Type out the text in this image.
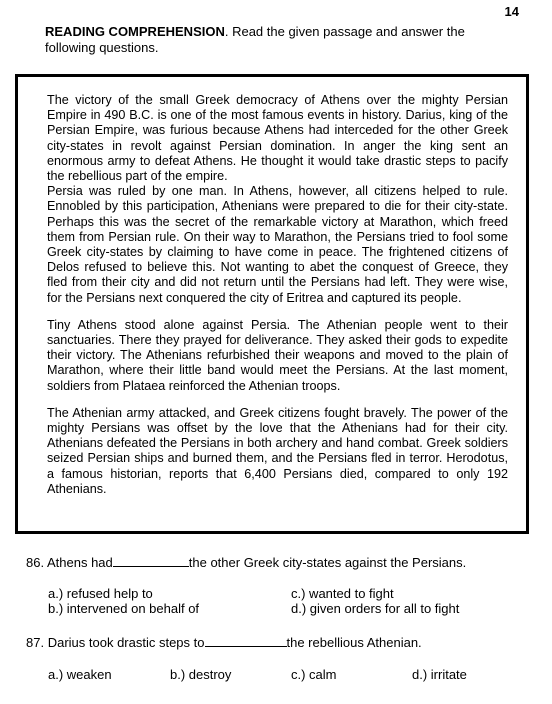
14
READING COMPREHENSION. Read the given passage and answer the following questions.

The victory of the small Greek democracy of Athens over the mighty Persian Empire in 490 B.C. is one of the most famous events in history. Darius, king of the Persian Empire, was furious because Athens had interceded for the other Greek city-states in revolt against Persian domination. In anger the king sent an enormous army to defeat Athens. He thought it would take drastic steps to pacify the rebellious part of the empire.

Persia was ruled by one man. In Athens, however, all citizens helped to rule. Ennobled by this participation, Athenians were prepared to die for their city-state. Perhaps this was the secret of the remarkable victory at Marathon, which freed them from Persian rule. On their way to Marathon, the Persians tried to fool some Greek city-states by claiming to have come in peace. The frightened citizens of Delos refused to believe this. Not wanting to abet the conquest of Greece, they fled from their city and did not return until the Persians had left. They were wise, for the Persians next conquered the city of Eritrea and captured its people.

Tiny Athens stood alone against Persia. The Athenian people went to their sanctuaries. There they prayed for deliverance. They asked their gods to expedite their victory. The Athenians refurbished their weapons and moved to the plain of Marathon, where their little band would meet the Persians. At the last moment, soldiers from Plataea reinforced the Athenian troops.

The Athenian army attacked, and Greek citizens fought bravely. The power of the mighty Persians was offset by the love that the Athenians had for their city. Athenians defeated the Persians in both archery and hand combat. Greek soldiers seized Persian ships and burned them, and the Persians fled in terror. Herodotus, a famous historian, reports that 6,400 Persians died, compared to only 192 Athenians.

86. Athens had	the other Greek city-states against the Persians.
a.) refused help to	c.) wanted to fight
b.) intervened on behalf of	d.) given orders for all to fight
87. Darius took drastic steps to	the rebellious Athenian.
a.) weaken	b.) destroy	c.) calm	d.) irritate
